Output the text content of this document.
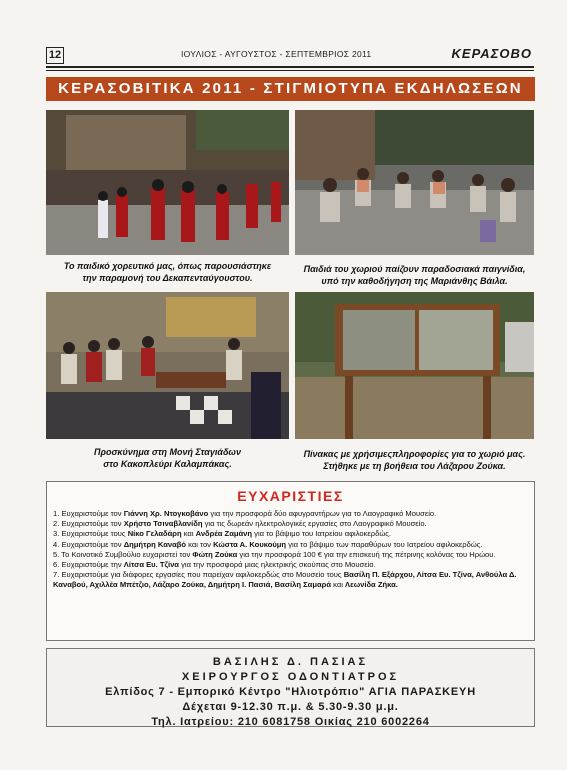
12	ΙΟΥΛΙΟΣ - ΑΥΓΟΥΣΤΟΣ - ΣΕΠΤΕΜΒΡΙΟΣ 2011	ΚΕΡΑΣΟΒΟ
ΚΕΡΑΣΟΒΙΤΙΚΑ 2011 - ΣΤΙΓΜΙΟΤΥΠΑ ΕΚΔΗΛΩΣΕΩΝ
Το παιδικό χορευτικό μας, όπως παρουσιάστηκε
την παραμονή του Δεκαπενταύγουστου.
Παιδιά του χωριού παίζουν παραδοσιακά παιγνίδια,
υπό την καθοδήγηση της Μαριάνθης Βάιλα.
Προσκύνημα στη Μονή Σταγιάδων
στο Κακοπλεύρι Καλαμπάκας.
Πίνακας με χρήσιμεςπληροφορίες για το χωριό μας.
Στήθηκε με τη βοήθεια του Λάζαρου Ζούκα.
ΕΥΧΑΡΙΣΤΙΕΣ

1. Ευχαριστούμε τον Γιάννη Χρ. Ντογκοβάνο για την προσφορά δύο αφυγραντήρων για το Λαογραφικό Μουσείο.

2. Ευχαριστούμε τον Χρήστο Τσιναβλανίδη για τις δωρεάν ηλεκτρολογικές εργασίες στο Λαογραφικό Μουσείο.

3. Ευχαριστούμε τους Νίκο Γελαδάρη και Ανδρέα Ζαμάνη για το βάψιμο του Ιατρείου αφιλοκερδώς.

4. Ευχαριστούμε τον Δημήτρη Καναβό και τον Κώστα Α. Κουκούμη για το βάψιμο των παραθύρων του Ιατρείου αφιλοκερδώς.

5. Το Κοινοτικό Συμβούλιο ευχαριστεί τον Φώτη Ζούκα για την προσφορά 100 € για την επισκευή της πέτρινης κολόνας του Ηρώου.

6. Ευχαριστούμε την Λίτσα Ευ. Τζίνα για την προσφορά μιας ηλεκτρικής σκούπας στο Μουσείο.

7. Ευχαριστούμε για διάφορες εργασίες που παρείχαν αφιλοκερδώς στο Μουσείο τους Βασίλη Π. Εξάρχου, Λίτσα Ευ. Τζίνα, Ανθούλα Δ. Καναβού, Αχιλλέα Μπέτζιο, Λάζαρο Ζούκα, Δημήτρη Ι. Πασιά, Βασίλη Σαμαρά και Λεωνίδα Ζήκα.

ΒΑΣΙΛΗΣ Δ. ΠΑΣΙΑΣ
ΧΕΙΡΟΥΡΓΟΣ ΟΔΟΝΤΙΑΤΡΟΣ
Ελπίδος 7 - Εμπορικό Κέντρο "Ηλιοτρόπιο" ΑΓΙΑ ΠΑΡΑΣΚΕΥΗ
Δέχεται 9-12.30 π.μ. & 5.30-9.30 μ.μ.
Τηλ. Ιατρείου: 210 6081758 Οικίας 210 6002264
